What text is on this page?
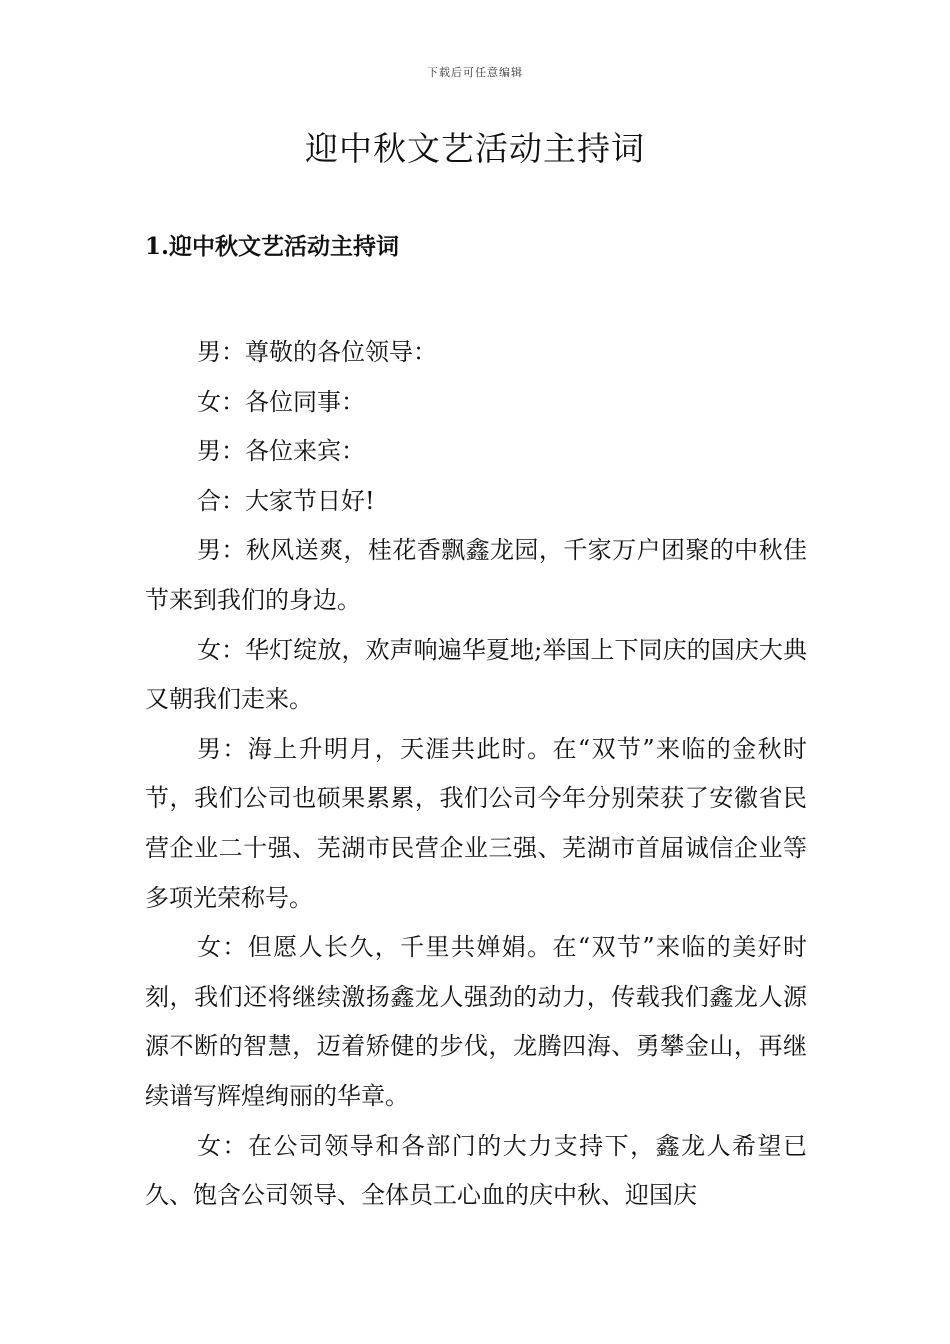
下载后可任意编辑
迎中秋文艺活动主持词
1.迎中秋文艺活动主持词

男：尊敬的各位领导：

女：各位同事：

男：各位来宾：

合：大家节日好!

男：秋风送爽，桂花香飘鑫龙园，千家万户团聚的中秋佳节来到我们的身边。

女：华灯绽放，欢声响遍华夏地;举国上下同庆的国庆大典又朝我们走来。

男：海上升明月，天涯共此时。在“双节”来临的金秋时节，我们公司也硕果累累，我们公司今年分别荣获了安徽省民营企业二十强、芜湖市民营企业三强、芜湖市首届诚信企业等多项光荣称号。

女：但愿人长久，千里共婵娟。在“双节”来临的美好时刻，我们还将继续激扬鑫龙人强劲的动力，传载我们鑫龙人源源不断的智慧，迈着矫健的步伐，龙腾四海、勇攀金山，再继续谱写辉煌绚丽的华章。

女：在公司领导和各部门的大力支持下，鑫龙人希望已久、饱含公司领导、全体员工心血的庆中秋、迎国庆
